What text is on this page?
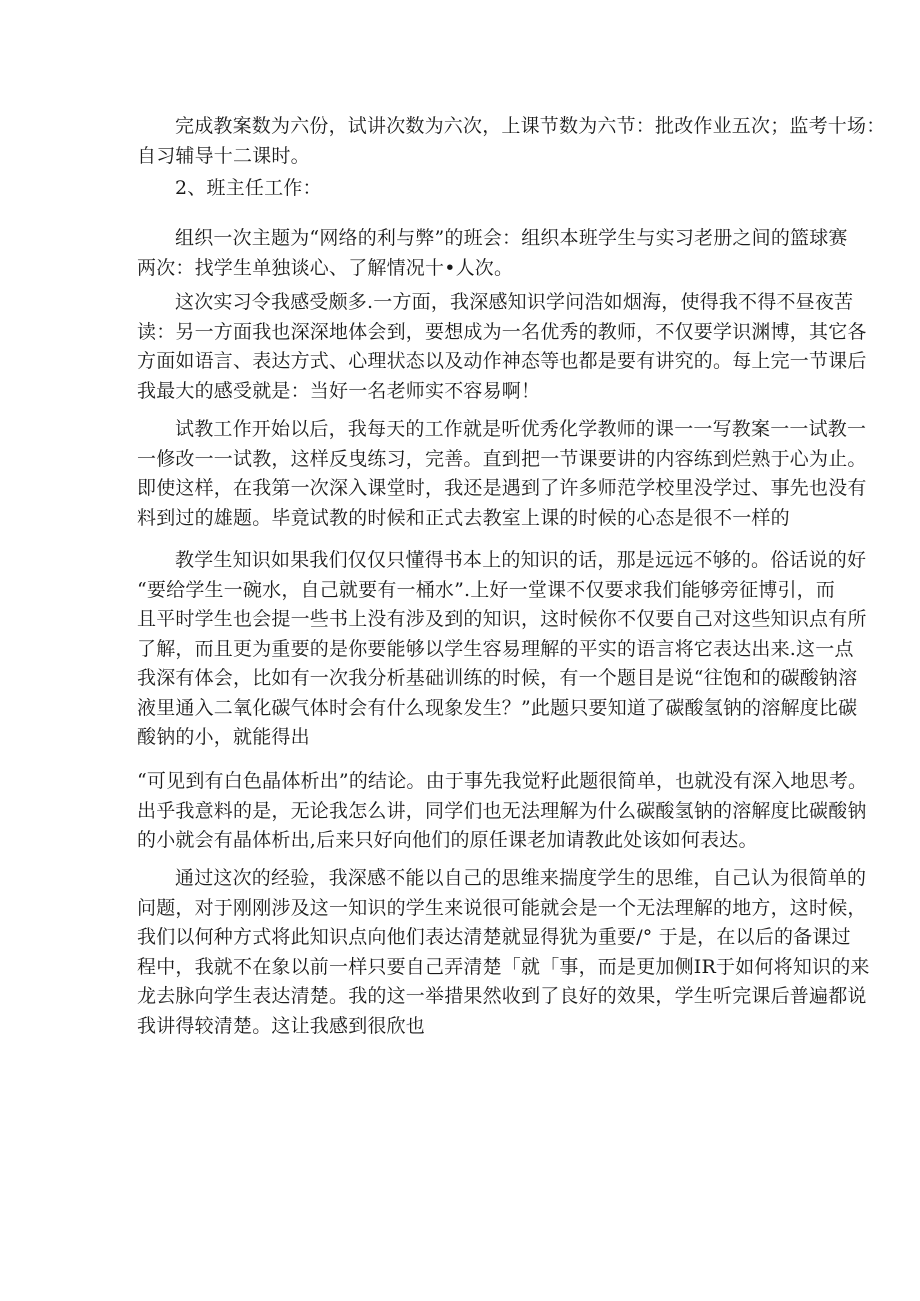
完成教案数为六份，试讲次数为六次，上课节数为六节：批改作业五次；监考十场：
自习辅导十二课时。
2、班主任工作：
组织一次主题为“网络的利与弊”的班会：组织本班学生与实习老册之间的篮球赛
两次：找学生单独谈心、了解情况十•人次。
这次实习令我感受颇多.一方面，我深感知识学问浩如烟海，使得我不得不昼夜苦
读：另一方面我也深深地体会到，要想成为一名优秀的教师，不仅要学识渊博，其它各
方面如语言、表达方式、心理状态以及动作神态等也都是要有讲究的。每上完一节课后
我最大的感受就是：当好一名老师实不容易啊！
试教工作开始以后，我每天的工作就是听优秀化学教师的课一一写教案一一试教一
一修改一一试教，这样反曳练习，完善。直到把一节课要讲的内容练到烂熟于心为止。
即使这样，在我第一次深入课堂时，我还是遇到了许多师范学校里没学过、事先也没有
料到过的雄题。毕竟试教的时候和正式去教室上课的时候的心态是很不一样的
教学生知识如果我们仅仅只懂得书本上的知识的话，那是远远不够的。俗话说的好
“要给学生一碗水，自己就要有一桶水”.上好一堂课不仅要求我们能够旁征博引，而
且平时学生也会提一些书上没有涉及到的知识，这时候你不仅要自己对这些知识点有所
了解，而且更为重要的是你要能够以学生容易理解的平实的语言将它表达出来.这一点
我深有体会，比如有一次我分析基础训练的时候，有一个题目是说“往饱和的碳酸钠溶
液里通入二氧化碳气体时会有什么现象发生？”此题只要知道了碳酸氢钠的溶解度比碳
酸钠的小，就能得出
“可见到有白色晶体析出”的结论。由于事先我觉籽此题很简单，也就没有深入地思考。
出乎我意料的是，无论我怎么讲，同学们也无法理解为什么碳酸氢钠的溶解度比碳酸钠
的小就会有晶体析出,后来只好向他们的原任课老加请教此处该如何表达。
通过这次的经验，我深感不能以自己的思维来揣度学生的思维，自己认为很简单的
问题，对于刚刚涉及这一知识的学生来说很可能就会是一个无法理解的地方，这时候，
我们以何种方式将此知识点向他们表达清楚就显得犹为重要/° 于是，在以后的备课过
程中，我就不在象以前一样只要自己弄清楚「就「事，而是更加侧IR于如何将知识的来
龙去脉向学生表达清楚。我的这一举措果然收到了良好的效果，学生听完课后普遍都说
我讲得较清楚。这让我感到很欣也
